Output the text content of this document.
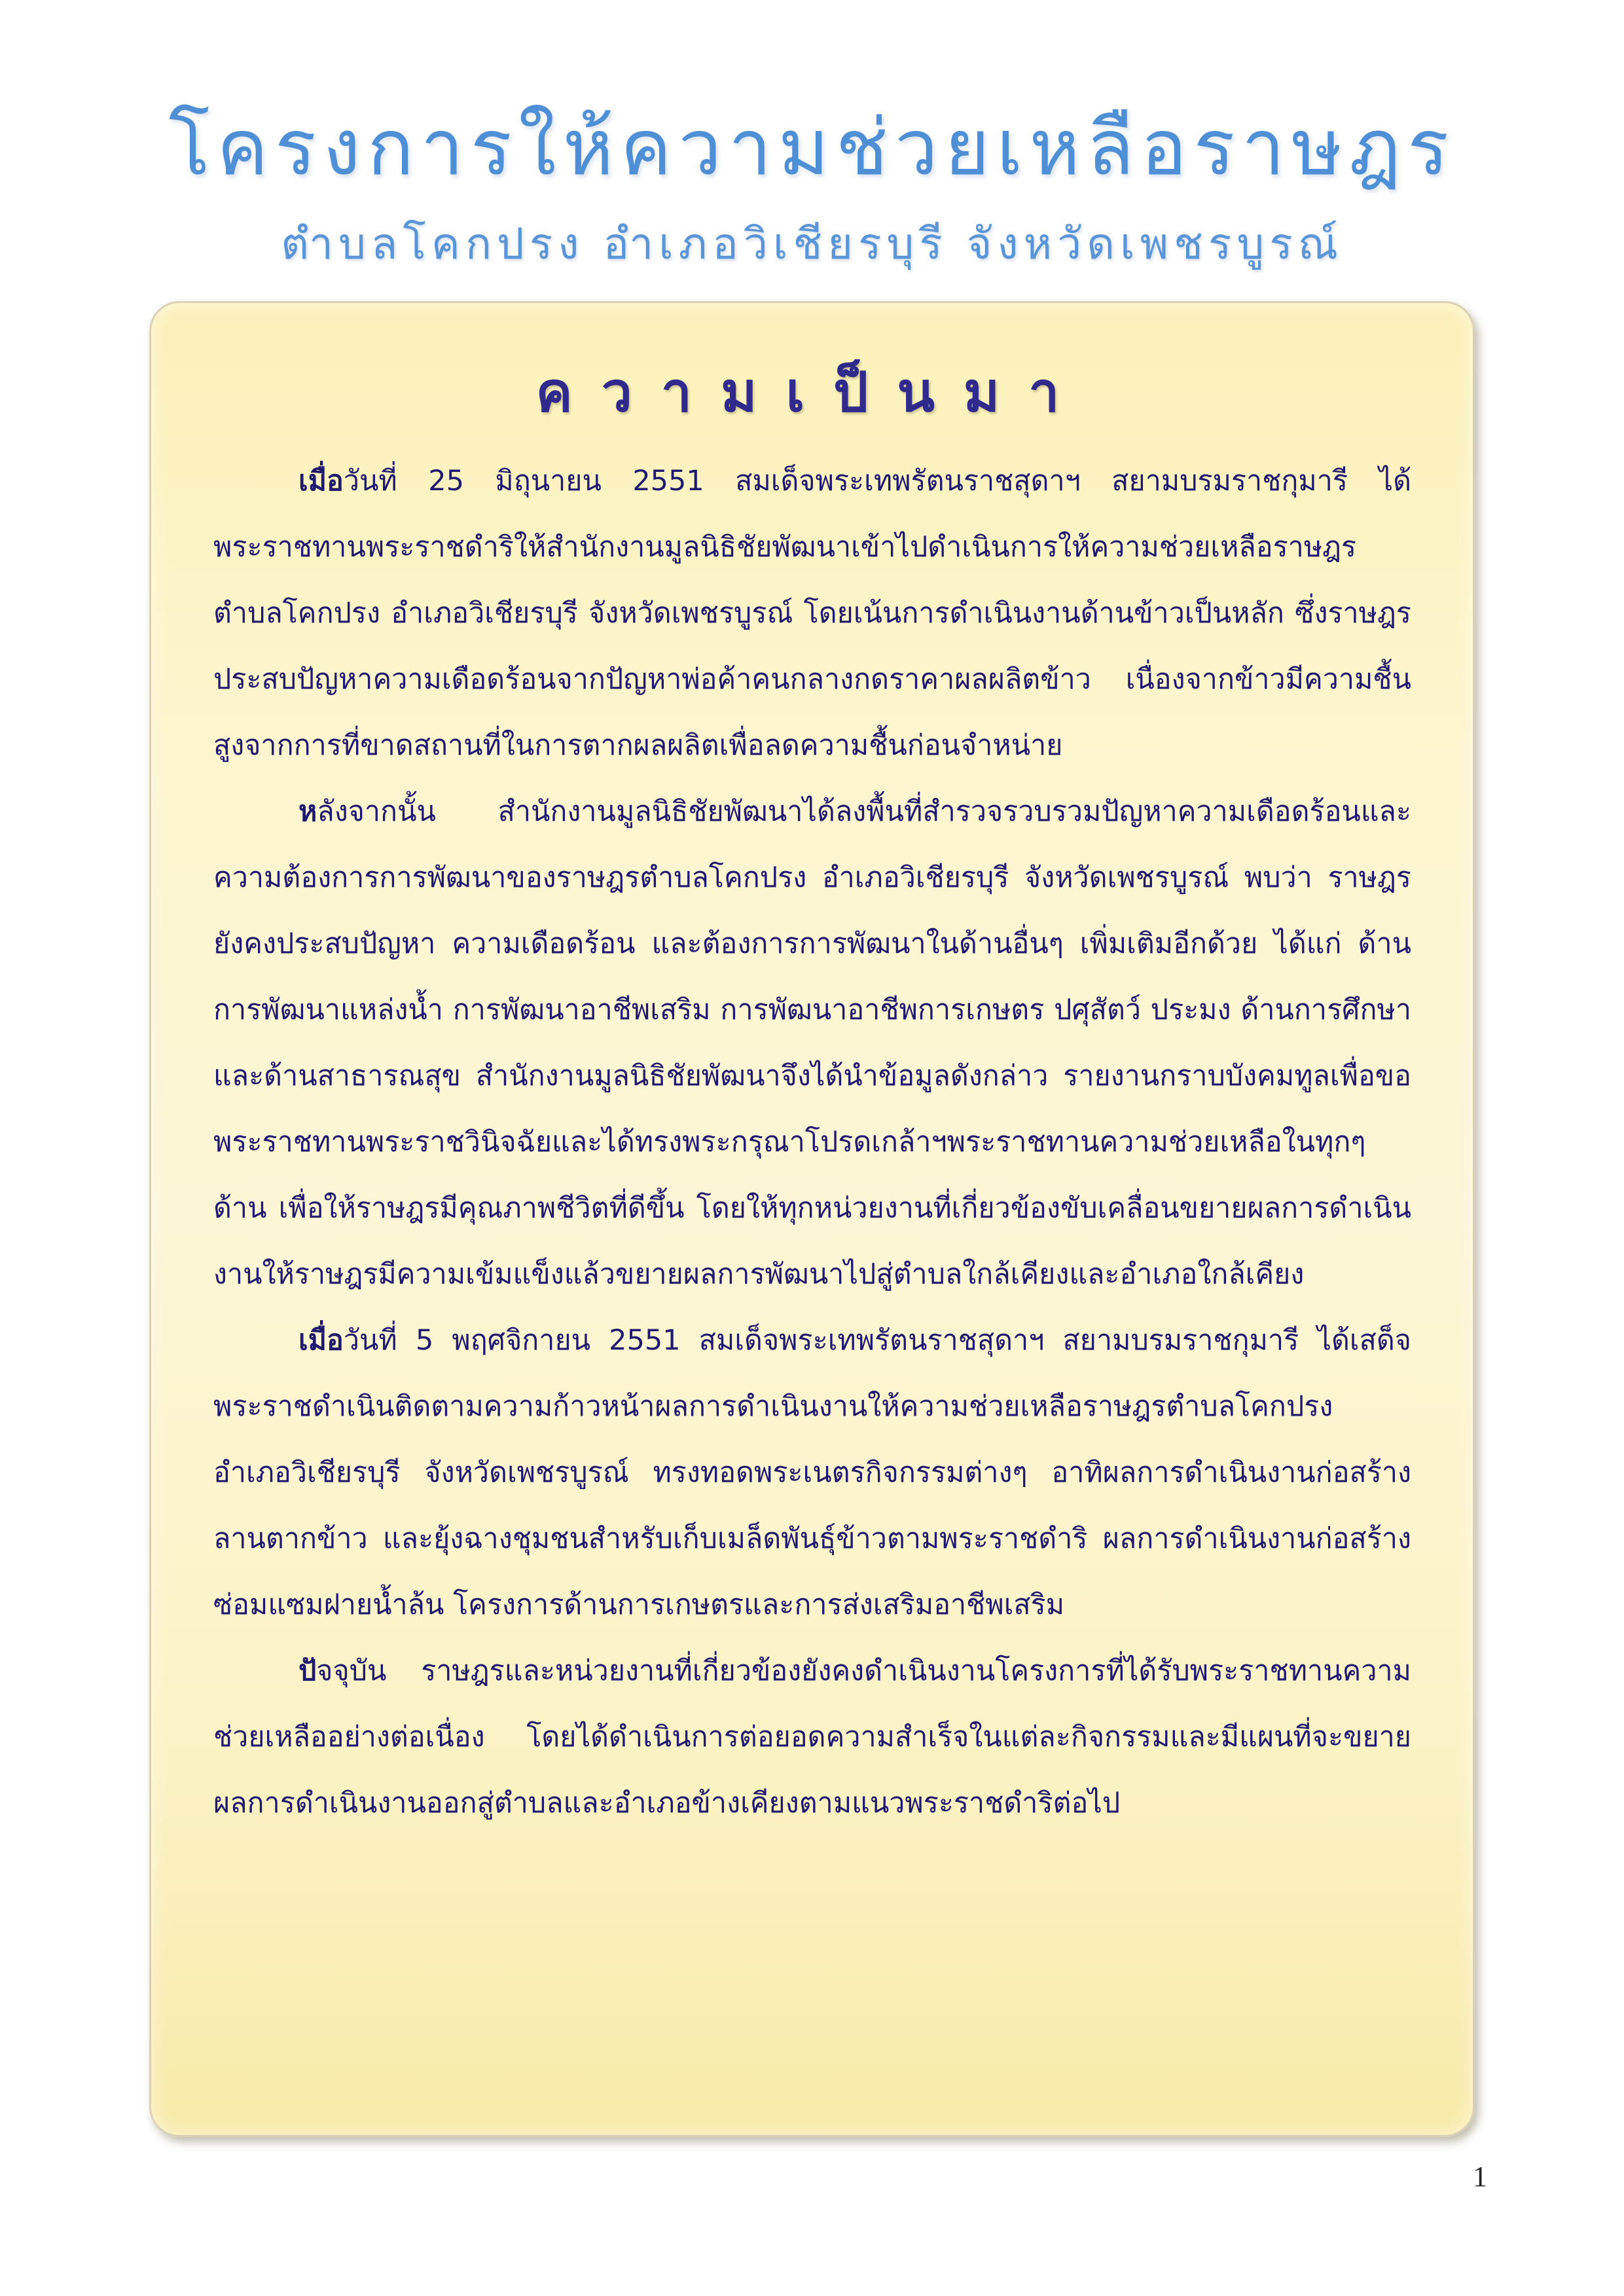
โครงการให้ความช่วยเหลือราษฎร
ตำบลโคกปรง อำเภอวิเชียรบุรี จังหวัดเพชรบูรณ์
ความเป็นมา

เมื่อวันที่ 25 มิถุนายน 2551 สมเด็จพระเทพรัตนราชสุดาฯ สยามบรมราชกุมารี ได้พระราชทานพระราชดำริให้สำนักงานมูลนิธิชัยพัฒนาเข้าไปดำเนินการให้ความช่วยเหลือราษฎรตำบลโคกปรง อำเภอวิเชียรบุรี จังหวัดเพชรบูรณ์ โดยเน้นการดำเนินงานด้านข้าวเป็นหลัก ซึ่งราษฎรประสบปัญหาความเดือดร้อนจากปัญหาพ่อค้าคนกลางกดราคาผลผลิตข้าว เนื่องจากข้าวมีความชื้นสูงจากการที่ขาดสถานที่ในการตากผลผลิตเพื่อลดความชื้นก่อนจำหน่าย

หลังจากนั้น สำนักงานมูลนิธิชัยพัฒนาได้ลงพื้นที่สำรวจรวบรวมปัญหาความเดือดร้อนและความต้องการการพัฒนาของราษฎรตำบลโคกปรง อำเภอวิเชียรบุรี จังหวัดเพชรบูรณ์ พบว่า ราษฎรยังคงประสบปัญหา ความเดือดร้อน และต้องการการพัฒนาในด้านอื่นๆ เพิ่มเติมอีกด้วย ได้แก่ ด้านการพัฒนาแหล่งน้ำ การพัฒนาอาชีพเสริม การพัฒนาอาชีพการเกษตร ปศุสัตว์ ประมง ด้านการศึกษา และด้านสาธารณสุข สำนักงานมูลนิธิชัยพัฒนาจึงได้นำข้อมูลดังกล่าว รายงานกราบบังคมทูลเพื่อขอพระราชทานพระราชวินิจฉัยและได้ทรงพระกรุณาโปรดเกล้าฯพระราชทานความช่วยเหลือในทุกๆ ด้าน เพื่อให้ราษฎรมีคุณภาพชีวิตที่ดีขึ้น โดยให้ทุกหน่วยงานที่เกี่ยวข้องขับเคลื่อนขยายผลการดำเนินงานให้ราษฎรมีความเข้มแข็งแล้วขยายผลการพัฒนาไปสู่ตำบลใกล้เคียงและอำเภอใกล้เคียง

เมื่อวันที่ 5 พฤศจิกายน 2551 สมเด็จพระเทพรัตนราชสุดาฯ สยามบรมราชกุมารี ได้เสด็จพระราชดำเนินติดตามความก้าวหน้าผลการดำเนินงานให้ความช่วยเหลือราษฎรตำบลโคกปรง อำเภอวิเชียรบุรี จังหวัดเพชรบูรณ์ ทรงทอดพระเนตรกิจกรรมต่างๆ อาทิผลการดำเนินงานก่อสร้างลานตากข้าว และยุ้งฉางชุมชนสำหรับเก็บเมล็ดพันธุ์ข้าวตามพระราชดำริ ผลการดำเนินงานก่อสร้างซ่อมแซมฝายน้ำล้น โครงการด้านการเกษตรและการส่งเสริมอาชีพเสริม

ปัจจุบัน ราษฎรและหน่วยงานที่เกี่ยวข้องยังคงดำเนินงานโครงการที่ได้รับพระราชทานความช่วยเหลืออย่างต่อเนื่อง โดยได้ดำเนินการต่อยอดความสำเร็จในแต่ละกิจกรรมและมีแผนที่จะขยายผลการดำเนินงานออกสู่ตำบลและอำเภอข้างเคียงตามแนวพระราชดำริต่อไป

1
